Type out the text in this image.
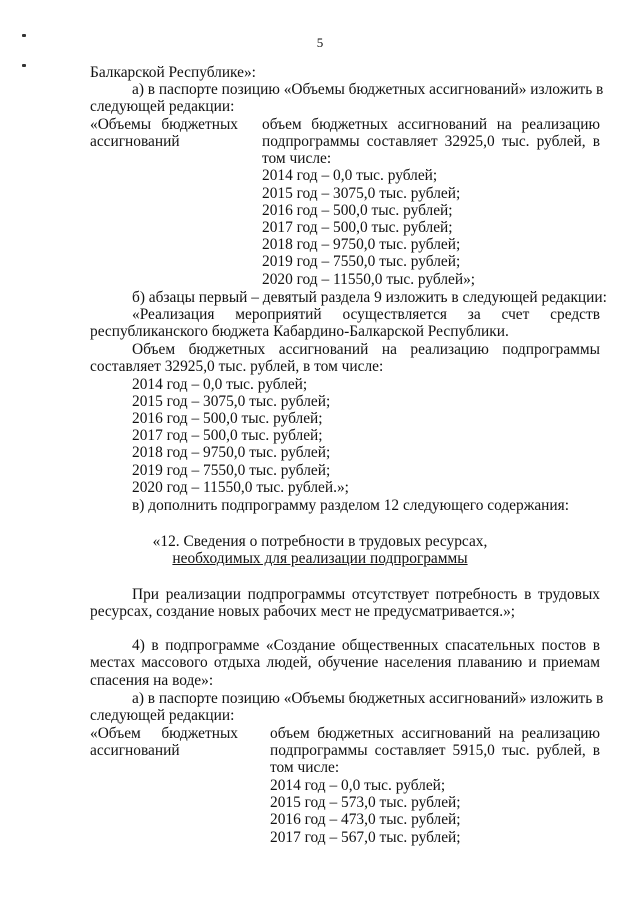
5
Балкарской Республике»:
а) в паспорте позицию «Объемы бюджетных ассигнований» изложить в
следующей редакции:
«Объемы бюджетных объем бюджетных ассигнований на реализацию
ассигнований	подпрограммы составляет 32925,0 тыс. рублей, в
том числе:
2014 год – 0,0 тыс. рублей;
2015 год – 3075,0 тыс. рублей;
2016 год – 500,0 тыс. рублей;
2017 год – 500,0 тыс. рублей;
2018 год – 9750,0 тыс. рублей;
2019 год – 7550,0 тыс. рублей;
2020 год – 11550,0 тыс. рублей»;
б) абзацы первый – девятый раздела 9 изложить в следующей редакции:
«Реализация мероприятий осуществляется за счет средств
республиканского бюджета Кабардино-Балкарской Республики.
Объем бюджетных ассигнований на реализацию подпрограммы
составляет 32925,0 тыс. рублей, в том числе:
2014 год – 0,0 тыс. рублей;
2015 год – 3075,0 тыс. рублей;
2016 год – 500,0 тыс. рублей;
2017 год – 500,0 тыс. рублей;
2018 год – 9750,0 тыс. рублей;
2019 год – 7550,0 тыс. рублей;
2020 год – 11550,0 тыс. рублей.»;
в) дополнить подпрограмму разделом 12 следующего содержания:
«12. Сведения о потребности в трудовых ресурсах,
необходимых для реализации подпрограммы
При реализации подпрограммы отсутствует потребность в трудовых
ресурсах, создание новых рабочих мест не предусматривается.»;
4) в подпрограмме «Создание общественных спасательных постов в
местах массового отдыха людей, обучение населения плаванию и приемам
спасения на воде»:
а) в паспорте позицию «Объемы бюджетных ассигнований» изложить в
следующей редакции:
«Объем бюджетных объем бюджетных ассигнований на реализацию
ассигнований	подпрограммы составляет 5915,0 тыс. рублей, в
том числе:
2014 год – 0,0 тыс. рублей;
2015 год – 573,0 тыс. рублей;
2016 год – 473,0 тыс. рублей;
2017 год – 567,0 тыс. рублей;
